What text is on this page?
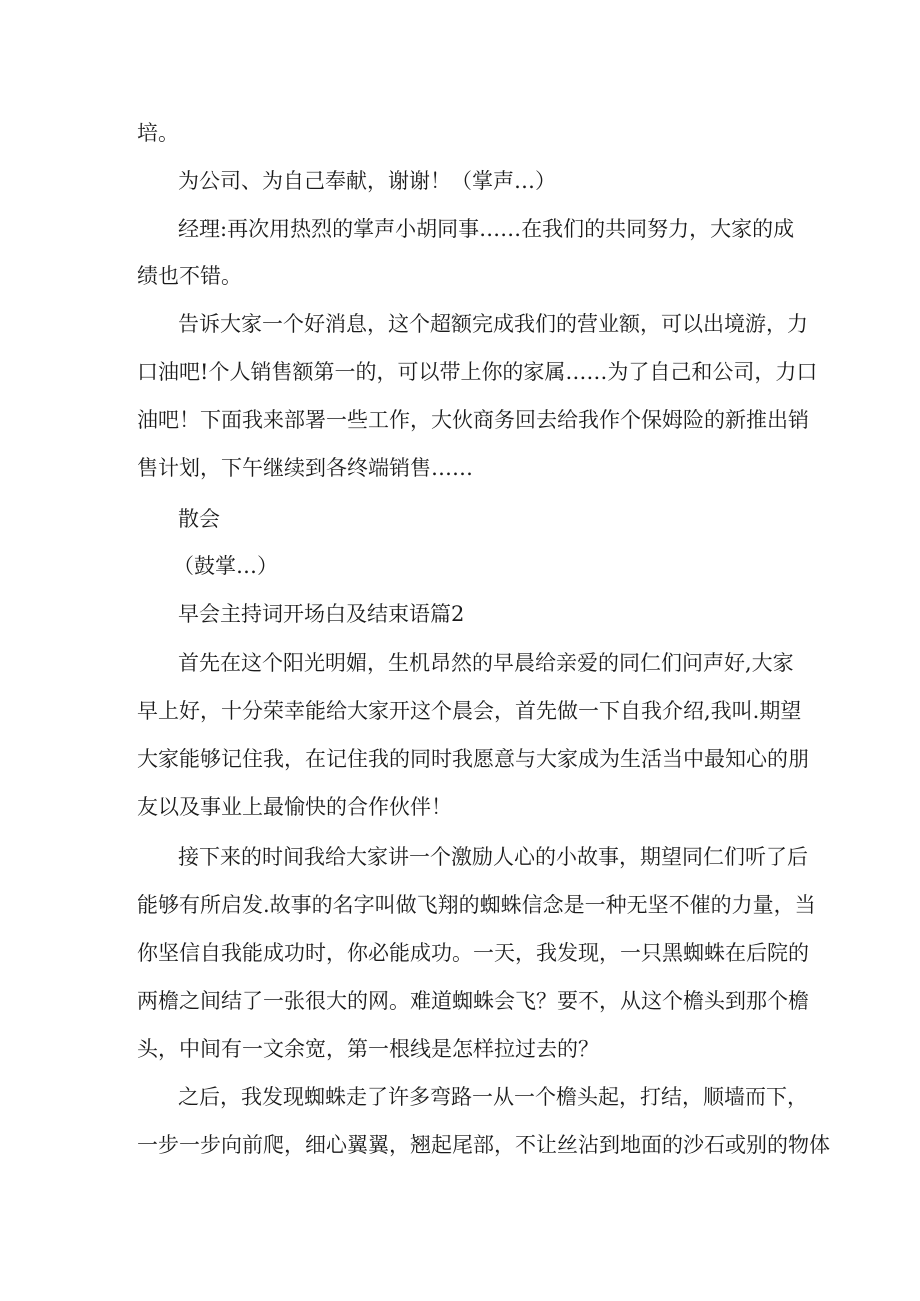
培。
为公司、为自己奉献，谢谢！（掌声…）
经理:再次用热烈的掌声小胡同事……在我们的共同努力，大家的成
绩也不错。
告诉大家一个好消息，这个超额完成我们的营业额，可以出境游，力
口油吧!个人销售额第一的，可以带上你的家属……为了自己和公司，力口
油吧！下面我来部署一些工作，大伙商务回去给我作个保姆险的新推出销
售计划，下午继续到各终端销售……
散会
（鼓掌…）
早会主持词开场白及结束语篇2
首先在这个阳光明媚，生机昂然的早晨给亲爱的同仁们问声好,大家
早上好，十分荣幸能给大家开这个晨会，首先做一下自我介绍,我叫.期望
大家能够记住我，在记住我的同时我愿意与大家成为生活当中最知心的朋
友以及事业上最愉快的合作伙伴！
接下来的时间我给大家讲一个激励人心的小故事，期望同仁们听了后
能够有所启发.故事的名字叫做飞翔的蜘蛛信念是一种无坚不催的力量，当
你坚信自我能成功时，你必能成功。一天，我发现，一只黑蜘蛛在后院的
两檐之间结了一张很大的网。难道蜘蛛会飞？要不，从这个檐头到那个檐
头，中间有一文余宽，第一根线是怎样拉过去的？
之后，我发现蜘蛛走了许多弯路一从一个檐头起，打结，顺墙而下，
一步一步向前爬，细心翼翼，翘起尾部，不让丝沾到地面的沙石或别的物体
